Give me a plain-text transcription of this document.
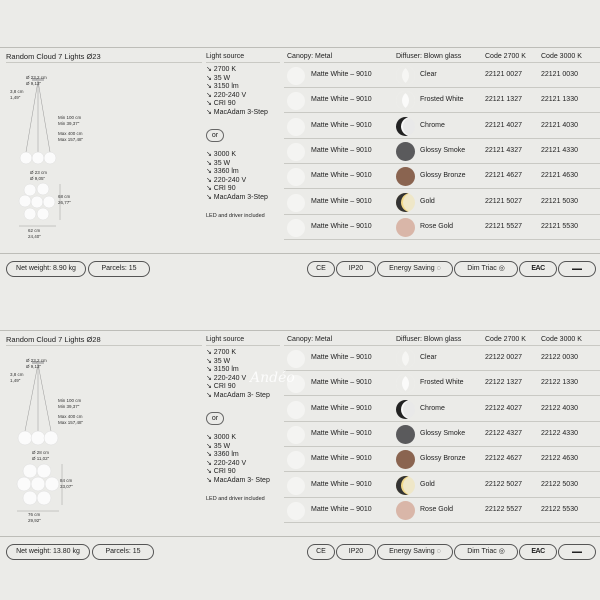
Random Cloud 7 Lights Ø23	Light source	Canopy: Metal	Diffuser: Blown glass	Code 2700 K Code 3000 K
↘ 2700 K
↘ 35 W
↘ 3150 lm
↘ 220-240 V
↘ CRI 90
↘ MacAdam 3-Step
or
↘ 3000 K
↘ 35 W
↘ 3360 lm
↘ 220-240 V
↘ CRI 90
↘ MacAdam 3-Step
LED and driver included
Ø 23,2 cm
Ø 9,13"
3,8 cm
1,49"
Min 100 cm
Min 39,37"
Max 400 cm
Max 157,48"
Ø 23 cm
Ø 9,05"
68 cm
26,77"
62 cm
24,40"
Matte White – 9010	Clear	22121 0027	22121 0030
Matte White – 9010	Frosted White	22121 1327	22121 1330
Matte White – 9010	Chrome	22121 4027	22121 4030
Matte White – 9010	Glossy Smoke	22121 4327	22121 4330
Matte White – 9010	Glossy Bronze	22121 4627	22121 4630
Matte White – 9010	Gold	22121 5027	22121 5030
Matte White – 9010	Rose Gold	22121 5527	22121 5530
Net weight: 8.90 kg	Parcels: 15	CE	IP20	Energy Saving ◌	Dim Triac ◎	EAC	▬▬
Random Cloud 7 Lights Ø28	Light source	Canopy: Metal	Diffuser: Blown glass	Code 2700 K Code 3000 K
↘ 2700 K
↘ 35 W
↘ 3150 lm
↘ 220-240 V
↘ CRI 90
↘ MacAdam 3- Step
or
↘ 3000 K
↘ 35 W
↘ 3360 lm
↘ 220-240 V
↘ CRI 90
↘ MacAdam 3- Step
LED and driver included
Ø 23,2 cm
Ø 9,13"
3,8 cm
1,49"
Min 100 cm
Min 39,37"
Max 400 cm
Max 157,48"
Ø 28 cm
Ø 11,02"
84 cm
33,07"
76 cm
29,92"
Matte White – 9010	Clear	22122 0027	22122 0030
Matte White – 9010	Frosted White	22122 1327	22122 1330
Matte White – 9010	Chrome	22122 4027	22122 4030
Matte White – 9010	Glossy Smoke	22122 4327	22122 4330
Matte White – 9010	Glossy Bronze	22122 4627	22122 4630
Matte White – 9010	Gold	22122 5027	22122 5030
Matte White – 9010	Rose Gold	22122 5527	22122 5530
Net weight: 13.80 kg	Parcels: 15	CE	IP20	Energy Saving ◌	Dim Triac ◎	EAC	▬▬
Andéo
